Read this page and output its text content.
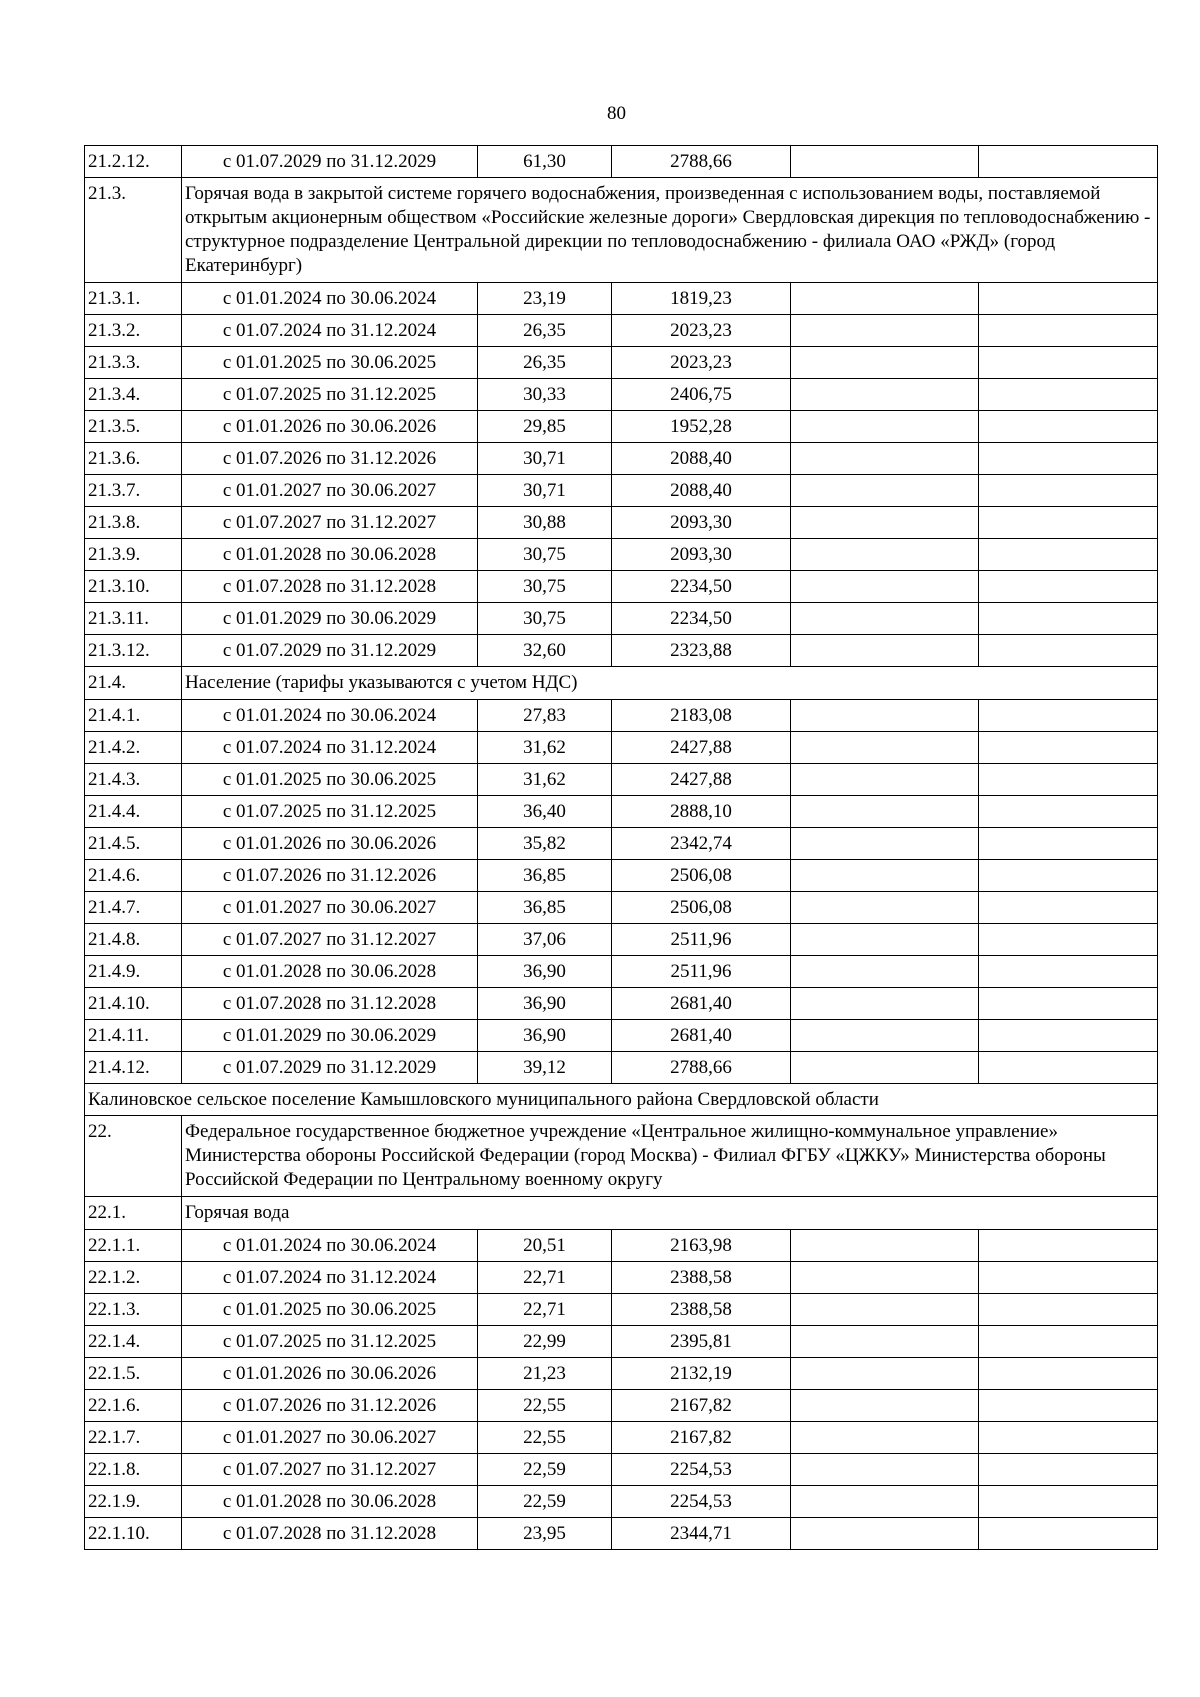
80
21.2.12.	с 01.07.2029 по 31.12.2029	61,30	2788,66		
21.3.	Горячая вода в закрытой системе горячего водоснабжения, произведенная с использованием воды, поставляемой открытым акционерным обществом «Российские железные дороги» Свердловская дирекция по тепловодоснабжению - структурное подразделение Центральной дирекции по тепловодоснабжению - филиала ОАО «РЖД» (город Екатеринбург)				
21.3.1.	с 01.01.2024 по 30.06.2024	23,19	1819,23		
21.3.2.	с 01.07.2024 по 31.12.2024	26,35	2023,23		
21.3.3.	с 01.01.2025 по 30.06.2025	26,35	2023,23		
21.3.4.	с 01.07.2025 по 31.12.2025	30,33	2406,75		
21.3.5.	с 01.01.2026 по 30.06.2026	29,85	1952,28		
21.3.6.	с 01.07.2026 по 31.12.2026	30,71	2088,40		
21.3.7.	с 01.01.2027 по 30.06.2027	30,71	2088,40		
21.3.8.	с 01.07.2027 по 31.12.2027	30,88	2093,30		
21.3.9.	с 01.01.2028 по 30.06.2028	30,75	2093,30		
21.3.10.	с 01.07.2028 по 31.12.2028	30,75	2234,50		
21.3.11.	с 01.01.2029 по 30.06.2029	30,75	2234,50		
21.3.12.	с 01.07.2029 по 31.12.2029	32,60	2323,88		
21.4.	Население (тарифы указываются с учетом НДС)				
21.4.1.	с 01.01.2024 по 30.06.2024	27,83	2183,08		
21.4.2.	с 01.07.2024 по 31.12.2024	31,62	2427,88		
21.4.3.	с 01.01.2025 по 30.06.2025	31,62	2427,88		
21.4.4.	с 01.07.2025 по 31.12.2025	36,40	2888,10		
21.4.5.	с 01.01.2026 по 30.06.2026	35,82	2342,74		
21.4.6.	с 01.07.2026 по 31.12.2026	36,85	2506,08		
21.4.7.	с 01.01.2027 по 30.06.2027	36,85	2506,08		
21.4.8.	с 01.07.2027 по 31.12.2027	37,06	2511,96		
21.4.9.	с 01.01.2028 по 30.06.2028	36,90	2511,96		
21.4.10.	с 01.07.2028 по 31.12.2028	36,90	2681,40		
21.4.11.	с 01.01.2029 по 30.06.2029	36,90	2681,40		
21.4.12.	с 01.07.2029 по 31.12.2029	39,12	2788,66		
Калиновское сельское поселение Камышловского муниципального района Свердловской области					
22.	Федеральное государственное бюджетное учреждение «Центральное жилищно-коммунальное управление» Министерства обороны Российской Федерации (город Москва) - Филиал ФГБУ «ЦЖКУ» Министерства обороны Российской Федерации по Центральному военному округу				
22.1.	Горячая вода				
22.1.1.	с 01.01.2024 по 30.06.2024	20,51	2163,98		
22.1.2.	с 01.07.2024 по 31.12.2024	22,71	2388,58		
22.1.3.	с 01.01.2025 по 30.06.2025	22,71	2388,58		
22.1.4.	с 01.07.2025 по 31.12.2025	22,99	2395,81		
22.1.5.	с 01.01.2026 по 30.06.2026	21,23	2132,19		
22.1.6.	с 01.07.2026 по 31.12.2026	22,55	2167,82		
22.1.7.	с 01.01.2027 по 30.06.2027	22,55	2167,82		
22.1.8.	с 01.07.2027 по 31.12.2027	22,59	2254,53		
22.1.9.	с 01.01.2028 по 30.06.2028	22,59	2254,53		
22.1.10.	с 01.07.2028 по 31.12.2028	23,95	2344,71		
